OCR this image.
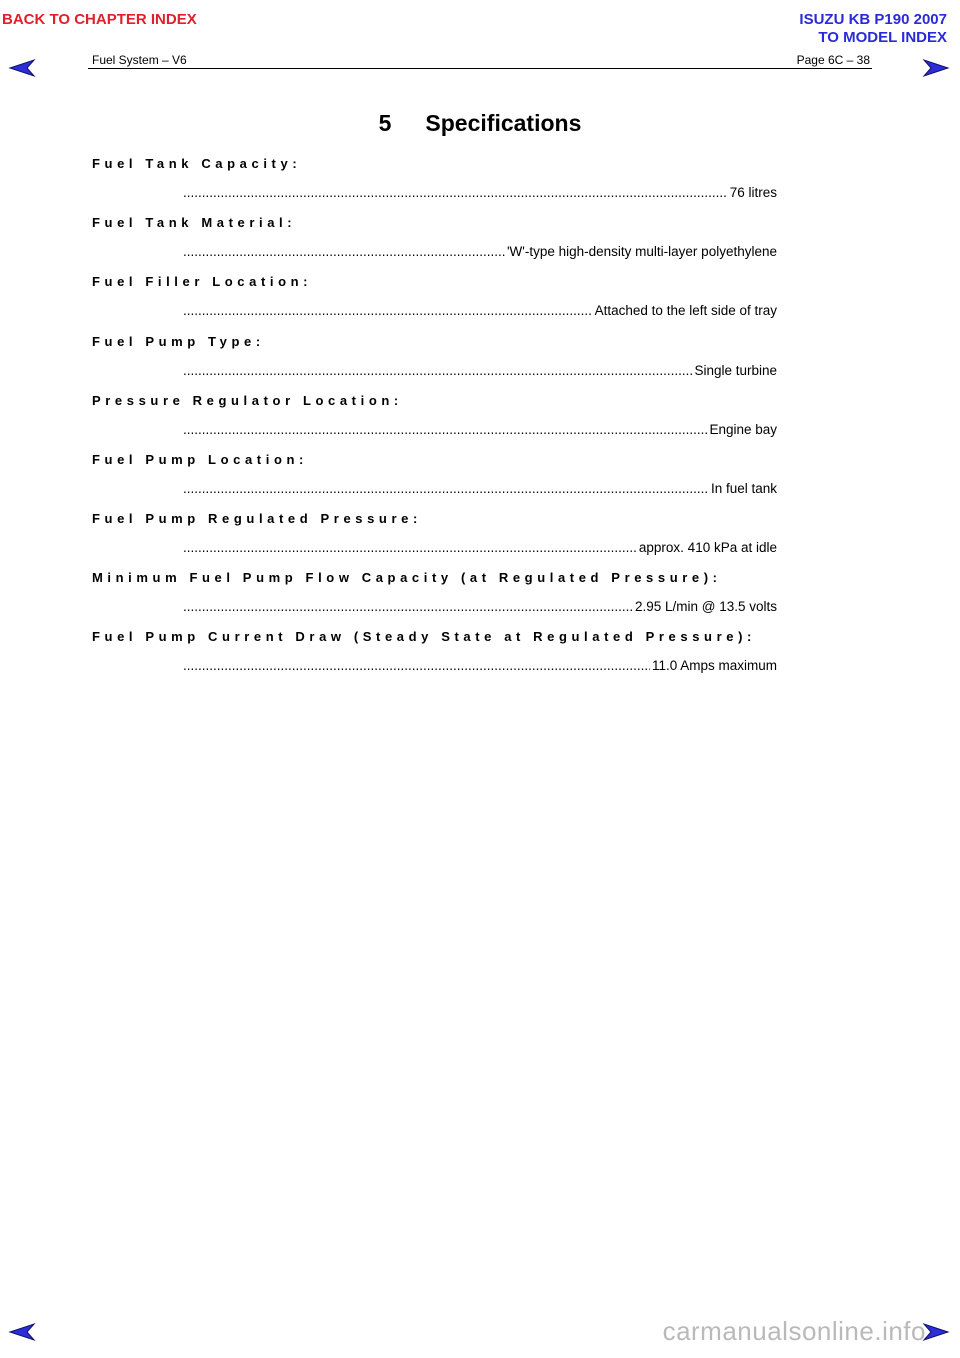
BACK TO CHAPTER INDEX	ISUZU KB P190 2007
TO MODEL INDEX
Fuel System – V6	Page 6C – 38
5 Specifications
Fuel Tank Capacity:
.....
76 litres
Fuel Tank Material:
.....
'W'-type high-density multi-layer polyethylene
Fuel Filler Location:
.....
Attached to the left side of tray
Fuel Pump Type:
.....
Single turbine
Pressure Regulator Location:
.....
Engine bay
Fuel Pump Location:
.....
In fuel tank
Fuel Pump Regulated Pressure:
.....
approx. 410 kPa at idle
Minimum Fuel Pump Flow Capacity (at Regulated Pressure):
.....
2.95 L/min @ 13.5 volts
Fuel Pump Current Draw (Steady State at Regulated Pressure):
.....
11.0 Amps maximum
carmanualsonline.info
